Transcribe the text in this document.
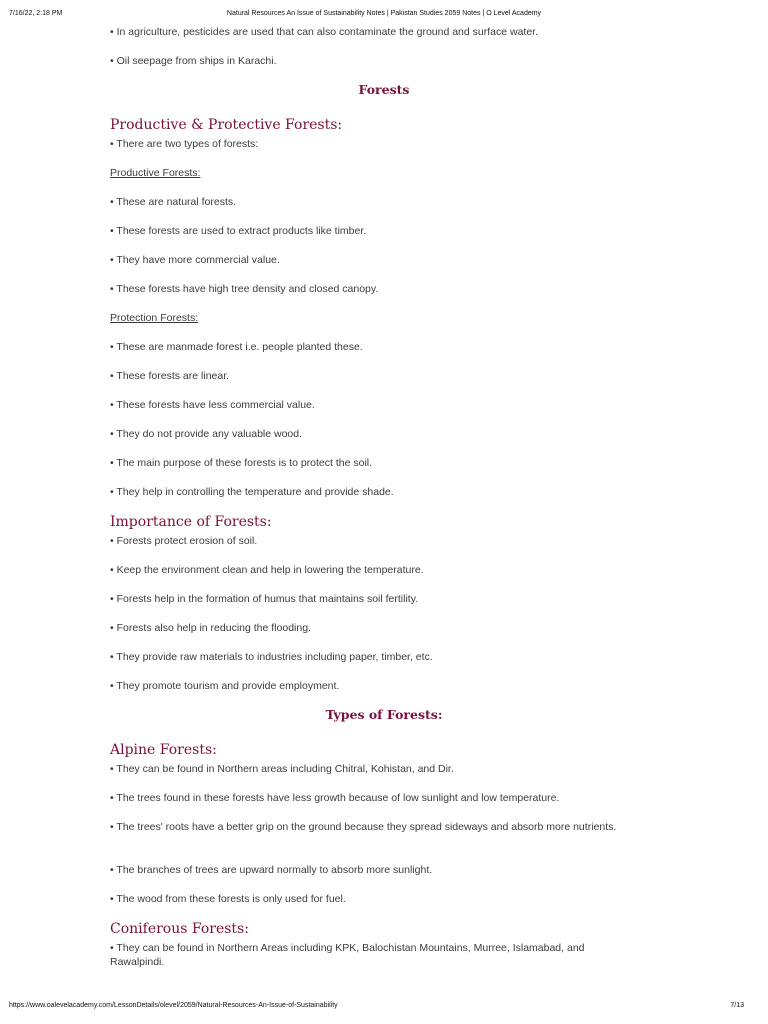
7/16/22, 2:18 PM	Natural Resources An Issue of Sustainability Notes | Pakistan Studies 2059 Notes | O Level Academy
• In agriculture, pesticides are used that can also contaminate the ground and surface water.
• Oil seepage from ships in Karachi.
Forests
Productive & Protective Forests:
• There are two types of forests:
Productive Forests:
• These are natural forests.
• These forests are used to extract products like timber.
• They have more commercial value.
• These forests have high tree density and closed canopy.
Protection Forests:
• These are manmade forest i.e. people planted these.
• These forests are linear.
• These forests have less commercial value.
• They do not provide any valuable wood.
• The main purpose of these forests is to protect the soil.
• They help in controlling the temperature and provide shade.
Importance of Forests:
• Forests protect erosion of soil.
• Keep the environment clean and help in lowering the temperature.
• Forests help in the formation of humus that maintains soil fertility.
• Forests also help in reducing the flooding.
• They provide raw materials to industries including paper, timber, etc.
• They promote tourism and provide employment.
Types of Forests:
Alpine Forests:
• They can be found in Northern areas including Chitral, Kohistan, and Dir.
• The trees found in these forests have less growth because of low sunlight and low temperature.
• The trees' roots have a better grip on the ground because they spread sideways and absorb more nutrients.
• The branches of trees are upward normally to absorb more sunlight.
• The wood from these forests is only used for fuel.
Coniferous Forests:
• They can be found in Northern Areas including KPK, Balochistan Mountains, Murree, Islamabad, and Rawalpindi.
https://www.oalevelacademy.com/LessonDetails/olevel/2059/Natural-Resources-An-Issue-of-Sustainability	7/13
